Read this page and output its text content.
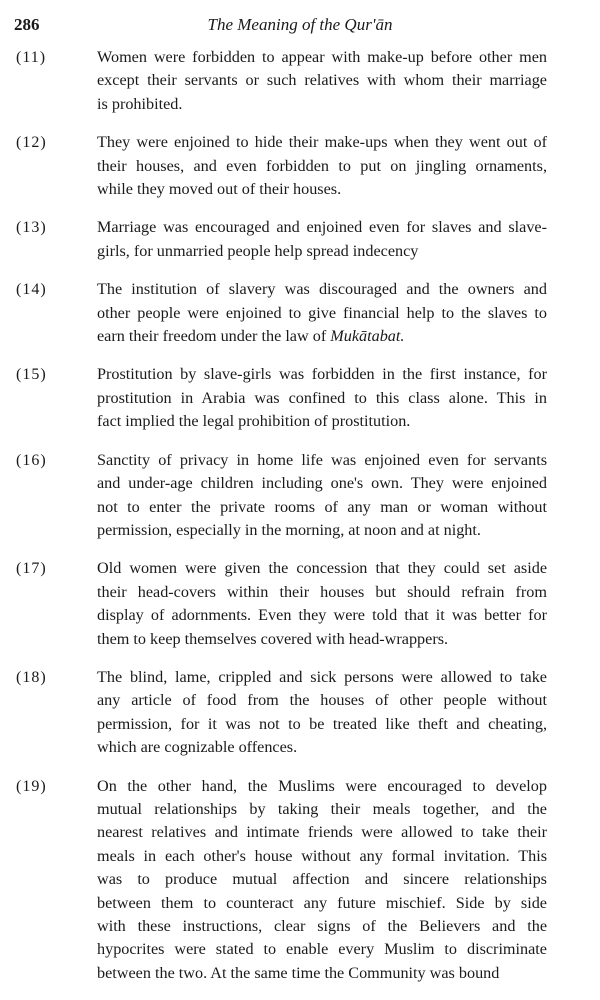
286	The Meaning of the Qur'ān
(11)	Women were forbidden to appear with make-up before other men
except their servants or such relatives with whom their marriage
is prohibited.
(12)	They were enjoined to hide their make-ups when they went out of
their houses, and even forbidden to put on jingling ornaments,
while they moved out of their houses.
(13)	Marriage was encouraged and enjoined even for slaves and slave-
girls, for unmarried people help spread indecency
(14)	The institution of slavery was discouraged and the owners and
other people were enjoined to give financial help to the slaves to
earn their freedom under the law of Mukātabat.
(15)	Prostitution by slave-girls was forbidden in the first instance, for
prostitution in Arabia was confined to this class alone. This in
fact implied the legal prohibition of prostitution.
(16)	Sanctity of privacy in home life was enjoined even for servants
and under-age children including one's own. They were enjoined
not to enter the private rooms of any man or woman without
permission, especially in the morning, at noon and at night.
(17)	Old women were given the concession that they could set aside
their head-covers within their houses but should refrain from
display of adornments. Even they were told that it was better for
them to keep themselves covered with head-wrappers.
(18)	The blind, lame, crippled and sick persons were allowed to take
any article of food from the houses of other people without
permission, for it was not to be treated like theft and cheating,
which are cognizable offences.
(19)	On the other hand, the Muslims were encouraged to develop
mutual relationships by taking their meals together, and the
nearest relatives and intimate friends were allowed to take their
meals in each other's house without any formal invitation. This
was to produce mutual affection and sincere relationships
between them to counteract any future mischief. Side by side
with these instructions, clear signs of the Believers and the
hypocrites were stated to enable every Muslim to discriminate
between the two. At the same time the Community was bound
